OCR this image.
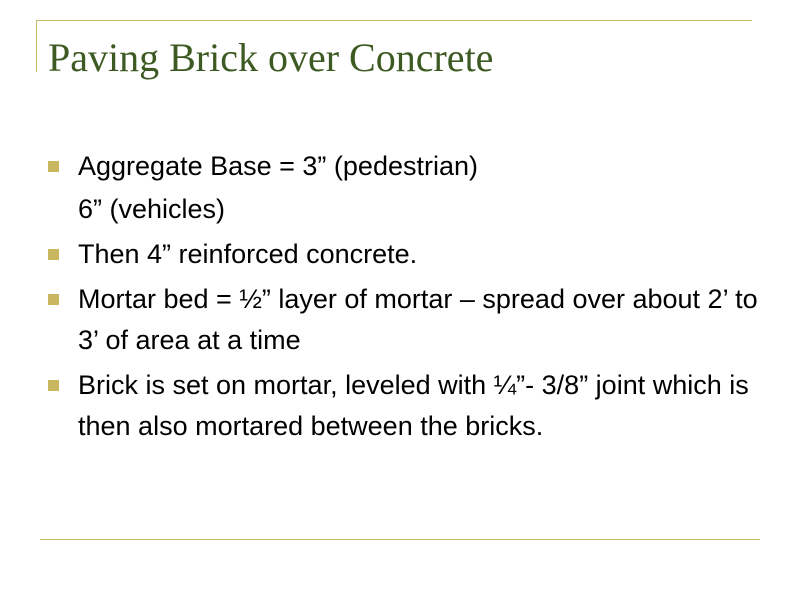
Paving Brick over Concrete
Aggregate Base = 3” (pedestrian)
6” (vehicles)
Then 4” reinforced concrete.
Mortar bed = ½” layer of mortar – spread over about 2’ to 3’ of area at a time
Brick is set on mortar, leveled with ¼”- 3/8” joint which is then also mortared between the bricks.
